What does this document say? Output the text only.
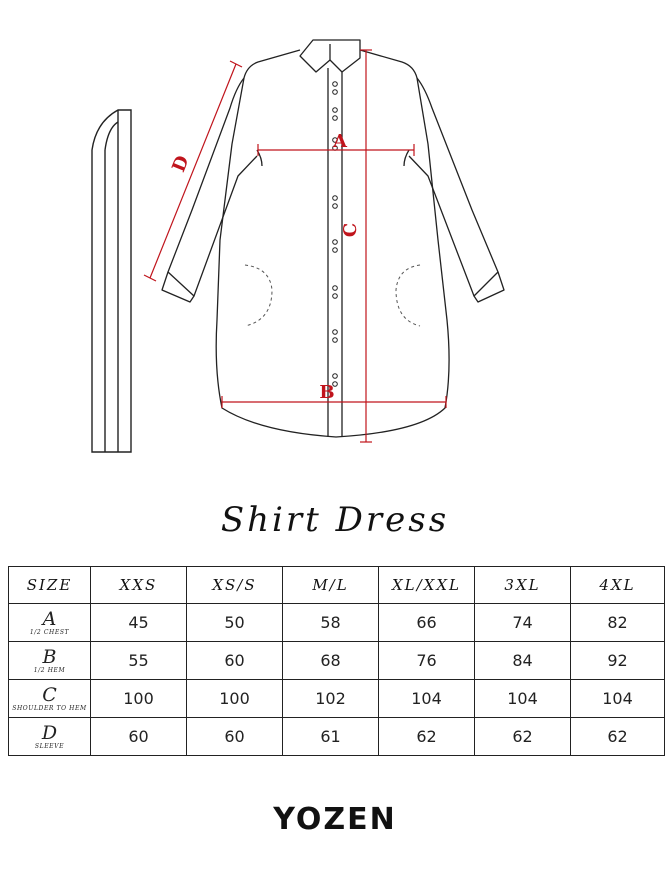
A
B
C
D
Shirt Dress
SIZE	XXS	XS/S	M/L	XL/XXL	3XL	4XL

A
1/2 CHEST	45	50	58	66	74	82

B
1/2 HEM	55	60	68	76	84	92

C
SHOULDER TO HEM	100	100	102	104	104	104

D
SLEEVE	60	60	61	62	62	62
YOZEN
